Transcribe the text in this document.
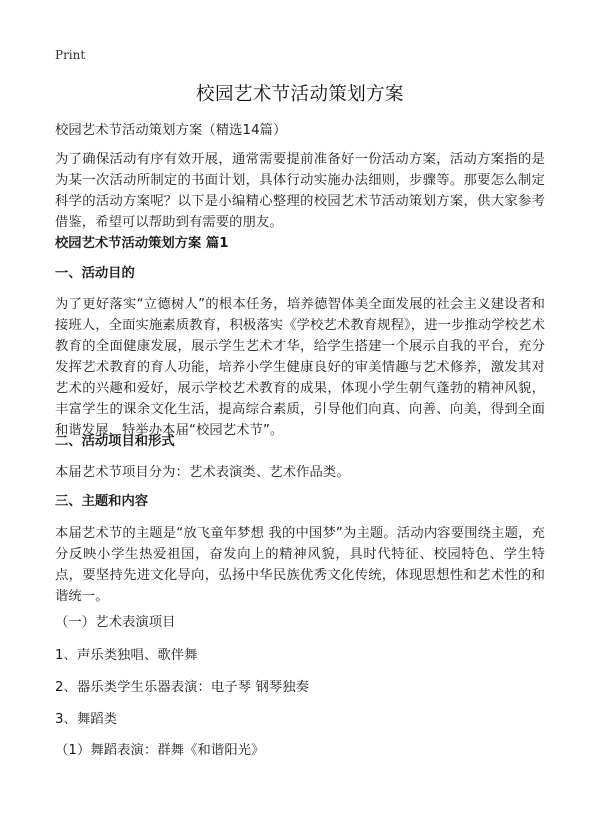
Print
校园艺术节活动策划方案

校园艺术节活动策划方案（精选14篇）

为了确保活动有序有效开展，通常需要提前准备好一份活动方案，活动方案指的是为某一次活动所制定的书面计划，具体行动实施办法细则，步骤等。那要怎么制定科学的活动方案呢？以下是小编精心整理的校园艺术节活动策划方案，供大家参考借鉴，希望可以帮助到有需要的朋友。

校园艺术节活动策划方案 篇1

一、活动目的

为了更好落实“立德树人”的根本任务，培养德智体美全面发展的社会主义建设者和接班人，全面实施素质教育，积极落实《学校艺术教育规程》，进一步推动学校艺术教育的全面健康发展，展示学生艺术才华，给学生搭建一个展示自我的平台，充分发挥艺术教育的育人功能，培养小学生健康良好的审美情趣与艺术修养，激发其对艺术的兴趣和爱好，展示学校艺术教育的成果，体现小学生朝气蓬勃的精神风貌，丰富学生的课余文化生活，提高综合素质，引导他们向真、向善、向美，得到全面和谐发展，特举办本届“校园艺术节”。

二、活动项目和形式

本届艺术节项目分为：艺术表演类、艺术作品类。

三、主题和内容

本届艺术节的主题是“放飞童年梦想 我的中国梦”为主题。活动内容要围绕主题，充分反映小学生热爱祖国，奋发向上的精神风貌，具时代特征、校园特色、学生特点，要坚持先进文化导向，弘扬中华民族优秀文化传统，体现思想性和艺术性的和谐统一。

（一）艺术表演项目

1、声乐类独唱、歌伴舞

2、器乐类学生乐器表演：电子琴 钢琴独奏

3、舞蹈类

（1）舞蹈表演：群舞《和谐阳光》
